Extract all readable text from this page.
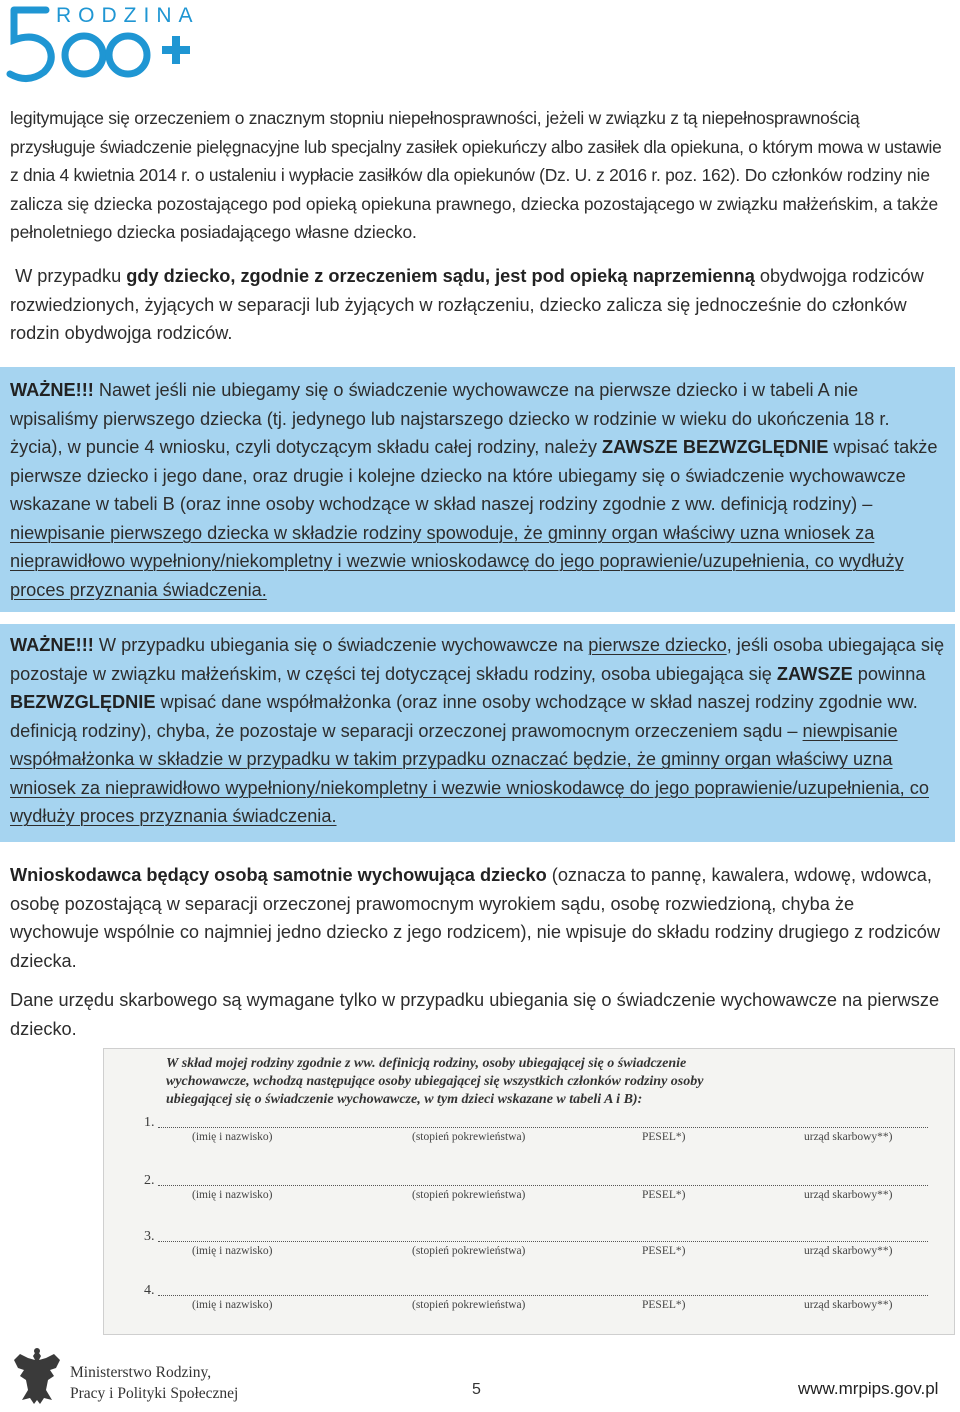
RODZINA

legitymujące się orzeczeniem o znacznym stopniu niepełnosprawności, jeżeli w związku z tą niepełnosprawnością przysługuje świadczenie pielęgnacyjne lub specjalny zasiłek opiekuńczy albo zasiłek dla opiekuna, o którym mowa w ustawie z dnia 4 kwietnia 2014 r. o ustaleniu i wypłacie zasiłków dla opiekunów (Dz. U. z 2016 r. poz. 162). Do członków rodziny nie zalicza się dziecka pozostającego pod opieką opiekuna prawnego, dziecka pozostającego w związku małżeńskim, a także pełnoletniego dziecka posiadającego własne dziecko.

W przypadku gdy dziecko, zgodnie z orzeczeniem sądu, jest pod opieką naprzemienną obydwojga rodziców rozwiedzionych, żyjących w separacji lub żyjących w rozłączeniu, dziecko zalicza się jednocześnie do członków rodzin obydwojga rodziców.

WAŻNE!!! Nawet jeśli nie ubiegamy się o świadczenie wychowawcze na pierwsze dziecko i w tabeli A nie wpisaliśmy pierwszego dziecka (tj. jedynego lub najstarszego dziecko w rodzinie w wieku do ukończenia 18 r. życia), w puncie 4 wniosku, czyli dotyczącym składu całej rodziny, należy ZAWSZE BEZWZGLĘDNIE wpisać także pierwsze dziecko i jego dane, oraz drugie i kolejne dziecko na które ubiegamy się o świadczenie wychowawcze wskazane w tabeli B (oraz inne osoby wchodzące w skład naszej rodziny zgodnie z ww. definicją rodziny) – niewpisanie pierwszego dziecka w składzie rodziny spowoduje, że gminny organ właściwy uzna wniosek za nieprawidłowo wypełniony/niekompletny i wezwie wnioskodawcę do jego poprawienie/uzupełnienia, co wydłuży proces przyznania świadczenia.

WAŻNE!!! W przypadku ubiegania się o świadczenie wychowawcze na pierwsze dziecko, jeśli osoba ubiegająca się pozostaje w związku małżeńskim, w części tej dotyczącej składu rodziny, osoba ubiegająca się ZAWSZE powinna BEZWZGLĘDNIE wpisać dane współmałżonka (oraz inne osoby wchodzące w skład naszej rodziny zgodnie ww. definicją rodziny), chyba, że pozostaje w separacji orzeczonej prawomocnym orzeczeniem sądu – niewpisanie współmałżonka w składzie w przypadku w takim przypadku oznaczać będzie, że gminny organ właściwy uzna wniosek za nieprawidłowo wypełniony/niekompletny i wezwie wnioskodawcę do jego poprawienie/uzupełnienia, co wydłuży proces przyznania świadczenia.

Wnioskodawca będący osobą samotnie wychowująca dziecko (oznacza to pannę, kawalera, wdowę, wdowca, osobę pozostającą w separacji orzeczonej prawomocnym wyrokiem sądu, osobę rozwiedzioną, chyba że wychowuje wspólnie co najmniej jedno dziecko z jego rodzicem), nie wpisuje do składu rodziny drugiego z rodziców dziecka.

Dane urzędu skarbowego są wymagane tylko w przypadku ubiegania się o świadczenie wychowawcze na pierwsze dziecko.

W skład mojej rodziny zgodnie z ww. definicją rodziny, osoby ubiegającej się o świadczenie wychowawcze, wchodzą następujące osoby ubiegającej się wszystkich członków rodziny osoby ubiegającej się o świadczenie wychowawcze, w tym dzieci wskazane w tabeli A i B):
1.
(imię i nazwisko)	(stopień pokrewieństwa)	PESEL*)	urząd skarbowy**)
2.
(imię i nazwisko)	(stopień pokrewieństwa)	PESEL*)	urząd skarbowy**)
3.
(imię i nazwisko)	(stopień pokrewieństwa)	PESEL*)	urząd skarbowy**)
4.
(imię i nazwisko)	(stopień pokrewieństwa)	PESEL*)	urząd skarbowy**)
Ministerstwo Rodziny,
Pracy i Polityki Społecznej	5	www.mrpips.gov.pl
